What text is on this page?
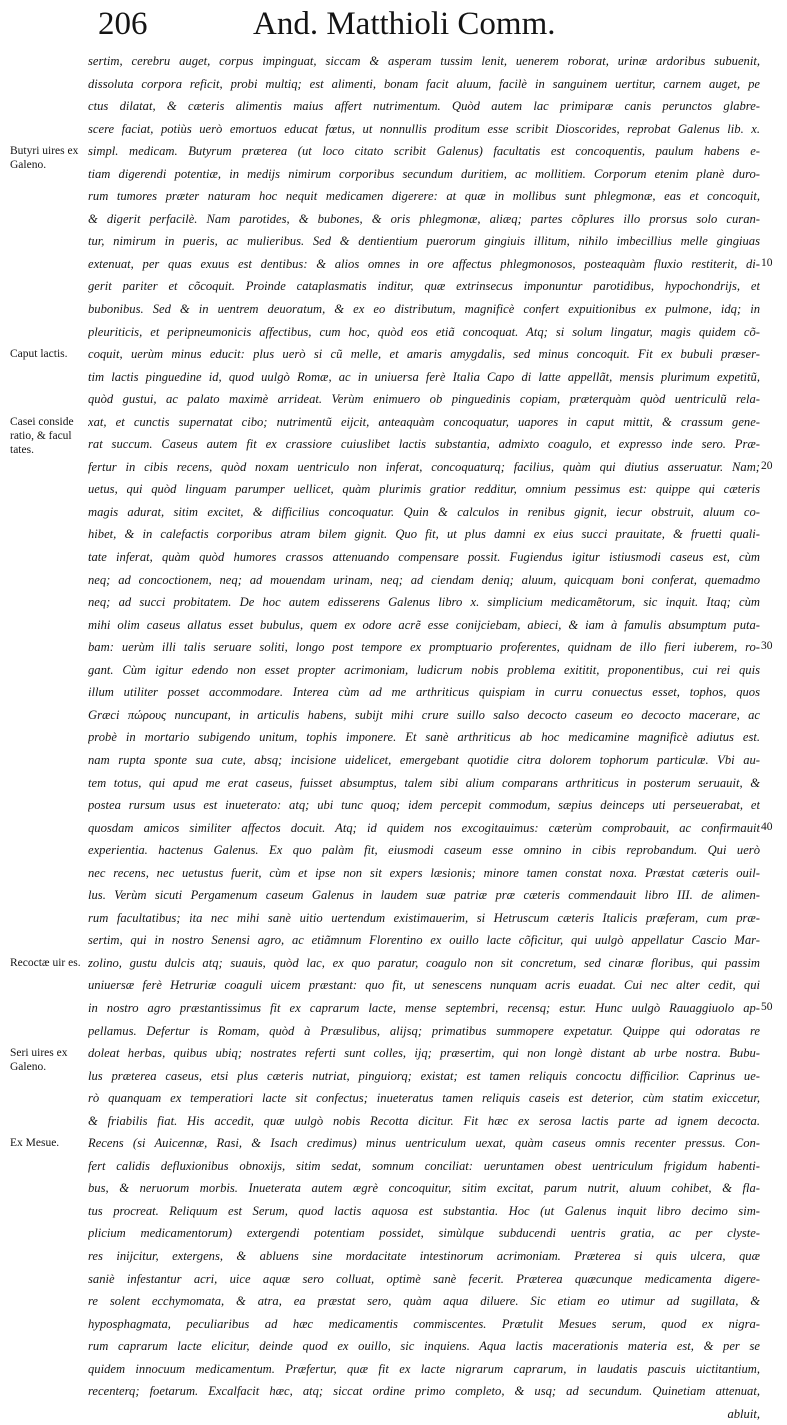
206	And. Matthioli Comm.
Butyri uires ex Galeno.
Caput lactis.
Casei conside ratio, & facul tates.
Recoctæ uir es.
Seri uires ex Galeno.
Ex Mesue.
sertim, cerebru auget, corpus impinguat, siccam & asperam tussim lenit, uenerem roborat, urinæ ardoribus subuenit,
dissoluta corpora reficit, probi multiq; est alimenti, bonam facit aluum, facilè in sanguinem uertitur, carnem auget, pe
ctus dilatat, & cæteris alimentis maius affert nutrimentum. Quòd autem lac primiparæ canis perunctos glabre-
scere faciat, potiùs uerò emortuos educat fœtus, ut nonnullis proditum esse scribit Dioscorides, reprobat Galenus lib. x.
simpl. medicam. Butyrum præterea (ut loco citato scribit Galenus) facultatis est concoquentis, paulum habens e-
tiam digerendi potentiæ, in medijs nimirum corporibus secundum duritiem, ac mollitiem. Corporum etenim planè duro-
rum tumores præter naturam hoc nequit medicamen digerere: at quæ in mollibus sunt phlegmonæ, eas et concoquit,
& digerit perfacilè. Nam parotides, & bubones, & oris phlegmonæ, aliæq; partes cõplures illo prorsus solo curan-
tur, nimirum in pueris, ac mulieribus. Sed & dentientium puerorum gingiuis illitum, nihilo imbecillius melle gingiuas
extenuat, per quas exuus est dentibus: & alios omnes in ore affectus phlegmonosos, posteaquàm fluxio restiterit, di-
gerit pariter et cõcoquit. Proinde cataplasmatis inditur, quæ extrinsecus imponuntur parotidibus, hypochondrijs, et
bubonibus. Sed & in uentrem deuoratum, & ex eo distributum, magnificè confert expuitionibus ex pulmone, idq; in
pleuriticis, et peripneumonicis affectibus, cum hoc, quòd eos etiã concoquat. Atq; si solum lingatur, magis quidem cõ-
coquit, uerùm minus educit: plus uerò si cũ melle, et amaris amygdalis, sed minus concoquit. Fit ex bubuli præser-
tim lactis pinguedine id, quod uulgò Romæ, ac in uniuersa ferè Italia Capo di latte appellãt, mensis plurimum expetitũ,
quòd gustui, ac palato maximè arrideat. Verùm enimuero ob pinguedinis copiam, præterquàm quòd uentriculũ rela-
xat, et cunctis supernatat cibo; nutrimentũ eijcit, anteaquàm concoquatur, uapores in caput mittit, & crassum gene-
rat succum. Caseus autem fit ex crassiore cuiuslibet lactis substantia, admixto coagulo, et expresso inde sero. Præ-
fertur in cibis recens, quòd noxam uentriculo non inferat, concoquaturq; facilius, quàm qui diutius asseruatur. Nam;
uetus, qui quòd linguam parumper uellicet, quàm plurimis gratior redditur, omnium pessimus est: quippe qui cæteris
magis adurat, sitim excitet, & difficilius concoquatur. Quin & calculos in renibus gignit, iecur obstruit, aluum co-
hibet, & in calefactis corporibus atram bilem gignit. Quo fit, ut plus damni ex eius succi prauitate, & fruetti quali-
tate inferat, quàm quòd humores crassos attenuando compensare possit. Fugiendus igitur istiusmodi caseus est, cùm
neq; ad concoctionem, neq; ad mouendam urinam, neq; ad ciendam deniq; aluum, quicquam boni conferat, quemadmo
neq; ad succi probitatem. De hoc autem edisserens Galenus libro x. simplicium medicamẽtorum, sic inquit. Itaq; cùm
mihi olim caseus allatus esset bubulus, quem ex odore acrẽ esse conijciebam, abieci, & iam à famulis absumptum puta-
bam: uerùm illi talis seruare soliti, longo post tempore ex promptuario proferentes, quidnam de illo fieri iuberem, ro-
gant. Cùm igitur edendo non esset propter acrimoniam, ludicrum nobis problema exititit, proponentibus, cui rei quis
illum utiliter posset accommodare. Interea cùm ad me arthriticus quispiam in curru conuectus esset, tophos, quos
Græci πώρους nuncupant, in articulis habens, subijt mihi crure suillo salso decocto caseum eo decocto macerare, ac
probè in mortario subigendo unitum, tophis imponere. Et sanè arthriticus ab hoc medicamine magnificè adiutus est.
nam rupta sponte sua cute, absq; incisione uidelicet, emergebant quotidie citra dolorem tophorum particulæ. Vbi au-
tem totus, qui apud me erat caseus, fuisset absumptus, talem sibi alium comparans arthriticus in posterum seruauit, &
postea rursum usus est inueterato: atq; ubi tunc quoq; idem percepit commodum, sæpius deinceps uti perseuerabat, et
quosdam amicos similiter affectos docuit. Atq; id quidem nos excogitauimus: cæterùm comprobauit, ac confirmauit
experientia. hactenus Galenus. Ex quo palàm fit, eiusmodi caseum esse omnino in cibis reprobandum. Qui uerò
nec recens, nec uetustus fuerit, cùm et ipse non sit expers læsionis; minore tamen constat noxa. Præstat cæteris ouil-
lus. Verùm sicuti Pergamenum caseum Galenus in laudem suæ patriæ præ cæteris commendauit libro III. de alimen-
rum facultatibus; ita nec mihi sanè uitio uertendum existimauerim, si Hetruscum cæteris Italicis præferam, cum præ-
sertim, qui in nostro Senensi agro, ac etiãmnum Florentino ex ouillo lacte cõficitur, qui uulgò appellatur Cascio Mar-
zolino, gustu dulcis atq; suauis, quòd lac, ex quo paratur, coagulo non sit concretum, sed cinaræ floribus, qui passim
uniuersæ ferè Hetruriæ coaguli uicem præstant: quo fit, ut senescens nunquam acris euadat. Cui nec alter cedit, qui
in nostro agro præstantissimus fit ex caprarum lacte, mense septembri, recensq; estur. Hunc uulgò Rauaggiuolo ap-
pellamus. Defertur is Romam, quòd à Præsulibus, alijsq; primatibus summopere expetatur. Quippe qui odoratas re
doleat herbas, quibus ubiq; nostrates referti sunt colles, ijq; præsertim, qui non longè distant ab urbe nostra. Bubu-
lus præterea caseus, etsi plus cæteris nutriat, pinguiorq; existat; est tamen reliquis concoctu difficilior. Caprinus ue-
rò quanquam ex temperatiori lacte sit confectus; inueteratus tamen reliquis caseis est deterior, cùm statim exiccetur,
& friabilis fiat. His accedit, quæ uulgò nobis Recotta dicitur. Fit hæc ex serosa lactis parte ad ignem decocta.
Recens (si Auicennæ, Rasi, & Isach credimus) minus uentriculum uexat, quàm caseus omnis recenter pressus. Con-
fert calidis defluxionibus obnoxijs, sitim sedat, somnum conciliat: ueruntamen obest uentriculum frigidum habenti-
bus, & neruorum morbis. Inueterata autem ægrè concoquitur, sitim excitat, parum nutrit, aluum cohibet, & fla-
tus procreat. Reliquum est Serum, quod lactis aquosa est substantia. Hoc (ut Galenus inquit libro decimo sim-
plicium medicamentorum) extergendi potentiam possidet, simùlque subducendi uentris gratia, ac per clyste-
res inijcitur, extergens, & abluens sine mordacitate intestinorum acrimoniam. Præterea si quis ulcera, quæ
saniè infestantur acri, uice aquæ sero colluat, optimè sanè fecerit. Præterea quæcunque medicamenta digere-
re solent ecchymomata, & atra, ea præstat sero, quàm aqua diluere. Sic etiam eo utimur ad sugillata, &
hyposphagmata, peculiaribus ad hæc medicamentis commiscentes. Prætulit Mesues serum, quod ex nigra-
rum caprarum lacte elicitur, deinde quod ex ouillo, sic inquiens. Aqua lactis macerationis materia est, & per se
quidem innocuum medicamentum. Præfertur, quæ fit ex lacte nigrarum caprarum, in laudatis pascuis uictitantium,
recenterq; foetarum. Excalfacit hæc, atq; siccat ordine primo completo, & usq; ad secundum. Quinetiam attenuat,
abluit,
10
20
30
40
50
